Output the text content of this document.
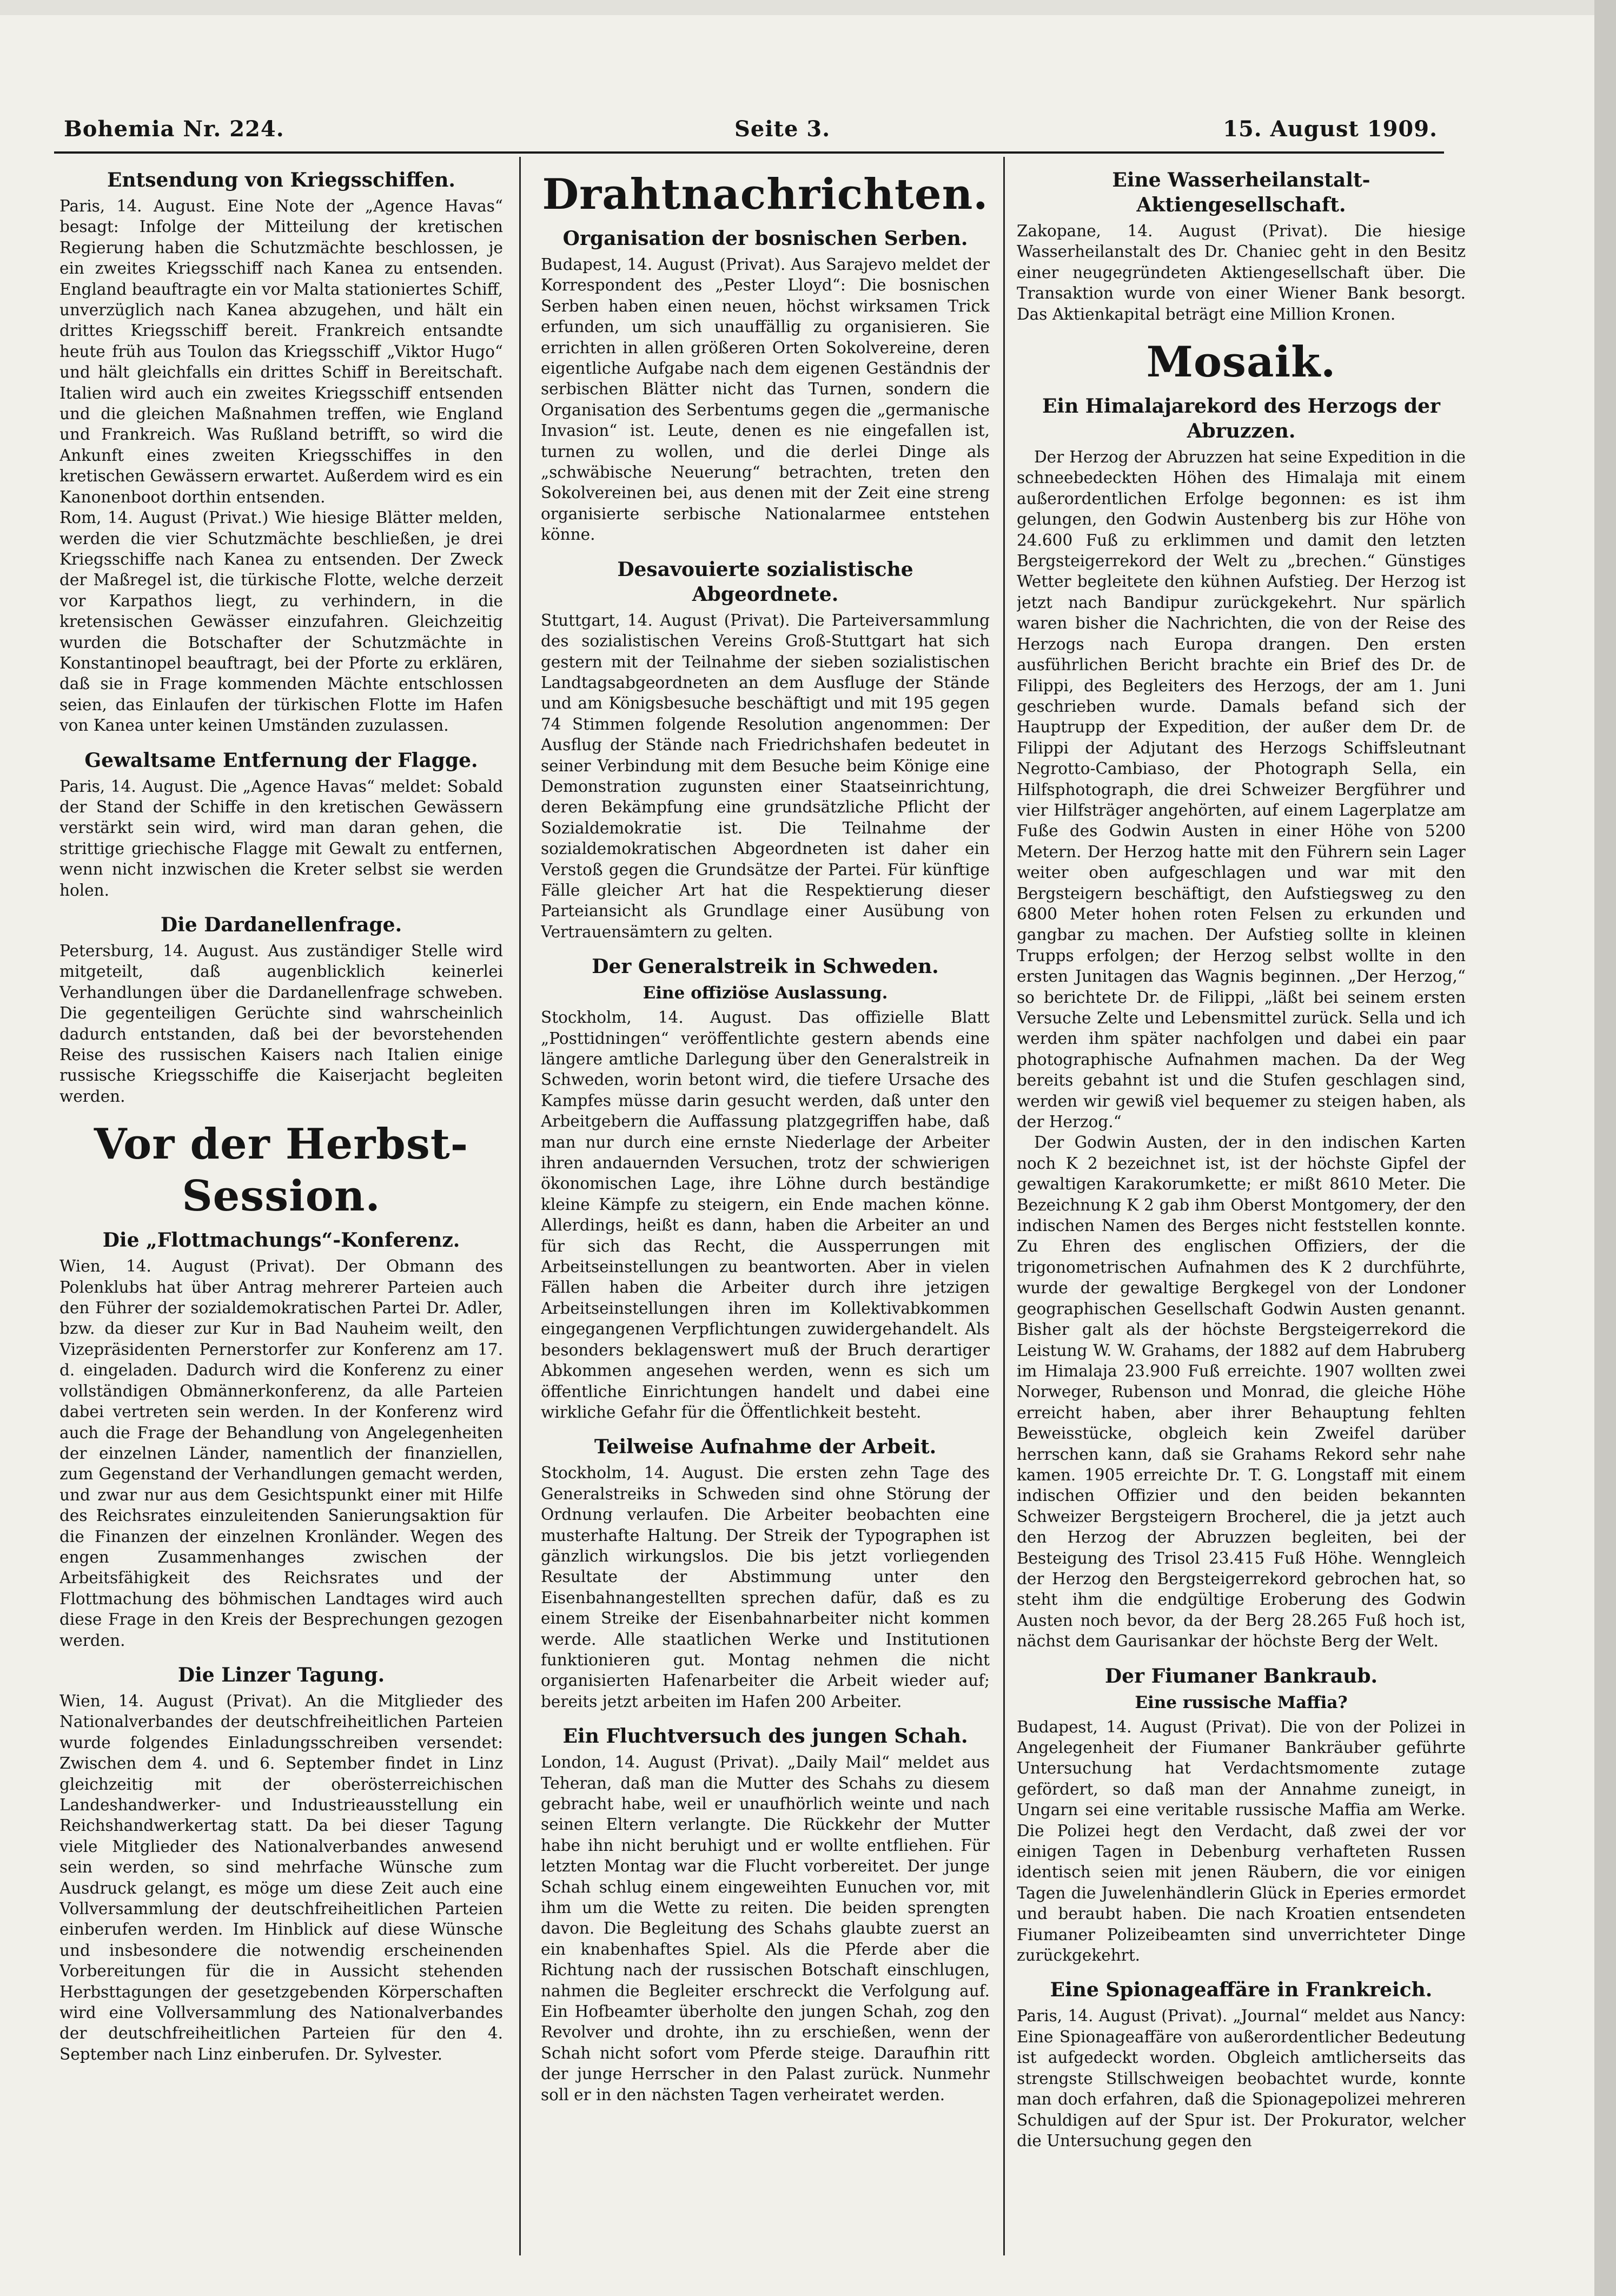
Bohemia Nr. 224.	Seite 3.	15. August 1909.
Entsendung von Kriegsschiffen.

Paris, 14. August. Eine Note der „Agence Havas“ besagt: Infolge der Mitteilung der kretischen Regierung haben die Schutzmächte beschlossen, je ein zweites Kriegsschiff nach Kanea zu entsenden. England beauftragte ein vor Malta stationiertes Schiff, unverzüglich nach Kanea abzugehen, und hält ein drittes Kriegsschiff bereit. Frankreich entsandte heute früh aus Toulon das Kriegsschiff „Viktor Hugo“ und hält gleichfalls ein drittes Schiff in Bereitschaft. Italien wird auch ein zweites Kriegsschiff entsenden und die gleichen Maßnahmen treffen, wie England und Frankreich. Was Rußland betrifft, so wird die Ankunft eines zweiten Kriegsschiffes in den kretischen Gewässern erwartet. Außerdem wird es ein Kanonenboot dorthin entsenden.

Rom, 14. August (Privat.) Wie hiesige Blätter melden, werden die vier Schutzmächte beschließen, je drei Kriegsschiffe nach Kanea zu entsenden. Der Zweck der Maßregel ist, die türkische Flotte, welche derzeit vor Karpathos liegt, zu verhindern, in die kretensischen Gewässer einzufahren. Gleichzeitig wurden die Botschafter der Schutzmächte in Konstantinopel beauftragt, bei der Pforte zu erklären, daß sie in Frage kommenden Mächte entschlossen seien, das Einlaufen der türkischen Flotte im Hafen von Kanea unter keinen Umständen zuzulassen.

Gewaltsame Entfernung der Flagge.

Paris, 14. August. Die „Agence Havas“ meldet: Sobald der Stand der Schiffe in den kretischen Gewässern verstärkt sein wird, wird man daran gehen, die strittige griechische Flagge mit Gewalt zu entfernen, wenn nicht inzwischen die Kreter selbst sie werden holen.

Die Dardanellenfrage.

Petersburg, 14. August. Aus zuständiger Stelle wird mitgeteilt, daß augenblicklich keinerlei Verhandlungen über die Dardanellenfrage schweben. Die gegenteiligen Gerüchte sind wahrscheinlich dadurch entstanden, daß bei der bevorstehenden Reise des russischen Kaisers nach Italien einige russische Kriegsschiffe die Kaiserjacht begleiten werden.

Vor der Herbst-Session.
Die „Flottmachungs“-Konferenz.

Wien, 14. August (Privat). Der Obmann des Polenklubs hat über Antrag mehrerer Parteien auch den Führer der sozialdemokratischen Partei Dr. Adler, bzw. da dieser zur Kur in Bad Nauheim weilt, den Vizepräsidenten Pernerstorfer zur Konferenz am 17. d. eingeladen. Dadurch wird die Konferenz zu einer vollständigen Obmännerkonferenz, da alle Parteien dabei vertreten sein werden. In der Konferenz wird auch die Frage der Behandlung von Angelegenheiten der einzelnen Länder, namentlich der finanziellen, zum Gegenstand der Verhandlungen gemacht werden, und zwar nur aus dem Gesichtspunkt einer mit Hilfe des Reichsrates einzuleitenden Sanierungsaktion für die Finanzen der einzelnen Kronländer. Wegen des engen Zusammenhanges zwischen der Arbeitsfähigkeit des Reichsrates und der Flottmachung des böhmischen Landtages wird auch diese Frage in den Kreis der Besprechungen gezogen werden.

Die Linzer Tagung.

Wien, 14. August (Privat). An die Mitglieder des Nationalverbandes der deutschfreiheitlichen Parteien wurde folgendes Einladungsschreiben versendet: Zwischen dem 4. und 6. September findet in Linz gleichzeitig mit der oberösterreichischen Landeshandwerker- und Industrieausstellung ein Reichshandwerkertag statt. Da bei dieser Tagung viele Mitglieder des Nationalverbandes anwesend sein werden, so sind mehrfache Wünsche zum Ausdruck gelangt, es möge um diese Zeit auch eine Vollversammlung der deutschfreiheitlichen Parteien einberufen werden. Im Hinblick auf diese Wünsche und insbesondere die notwendig erscheinenden Vorbereitungen für die in Aussicht stehenden Herbsttagungen der gesetzgebenden Körperschaften wird eine Vollversammlung des Nationalverbandes der deutschfreiheitlichen Parteien für den 4. September nach Linz einberufen. Dr. Sylvester.

Drahtnachrichten.
Organisation der bosnischen Serben.

Budapest, 14. August (Privat). Aus Sarajevo meldet der Korrespondent des „Pester Lloyd“: Die bosnischen Serben haben einen neuen, höchst wirksamen Trick erfunden, um sich unauffällig zu organisieren. Sie errichten in allen größeren Orten Sokolvereine, deren eigentliche Aufgabe nach dem eigenen Geständnis der serbischen Blätter nicht das Turnen, sondern die Organisation des Serbentums gegen die „germanische Invasion“ ist. Leute, denen es nie eingefallen ist, turnen zu wollen, und die derlei Dinge als „schwäbische Neuerung“ betrachten, treten den Sokolvereinen bei, aus denen mit der Zeit eine streng organisierte serbische Nationalarmee entstehen könne.

Desavouierte sozialistische Abgeordnete.

Stuttgart, 14. August (Privat). Die Parteiversammlung des sozialistischen Vereins Groß-Stuttgart hat sich gestern mit der Teilnahme der sieben sozialistischen Landtagsabgeordneten an dem Ausfluge der Stände und am Königsbesuche beschäftigt und mit 195 gegen 74 Stimmen folgende Resolution angenommen: Der Ausflug der Stände nach Friedrichshafen bedeutet in seiner Verbindung mit dem Besuche beim Könige eine Demonstration zugunsten einer Staatseinrichtung, deren Bekämpfung eine grundsätzliche Pflicht der Sozialdemokratie ist. Die Teilnahme der sozialdemokratischen Abgeordneten ist daher ein Verstoß gegen die Grundsätze der Partei. Für künftige Fälle gleicher Art hat die Respektierung dieser Parteiansicht als Grundlage einer Ausübung von Vertrauensämtern zu gelten.

Der Generalstreik in Schweden.
Eine offiziöse Auslassung.

Stockholm, 14. August. Das offizielle Blatt „Posttidningen“ veröffentlichte gestern abends eine längere amtliche Darlegung über den Generalstreik in Schweden, worin betont wird, die tiefere Ursache des Kampfes müsse darin gesucht werden, daß unter den Arbeitgebern die Auffassung platzgegriffen habe, daß man nur durch eine ernste Niederlage der Arbeiter ihren andauernden Versuchen, trotz der schwierigen ökonomischen Lage, ihre Löhne durch beständige kleine Kämpfe zu steigern, ein Ende machen könne. Allerdings, heißt es dann, haben die Arbeiter an und für sich das Recht, die Aussperrungen mit Arbeitseinstellungen zu beantworten. Aber in vielen Fällen haben die Arbeiter durch ihre jetzigen Arbeitseinstellungen ihren im Kollektivabkommen eingegangenen Verpflichtungen zuwidergehandelt. Als besonders beklagenswert muß der Bruch derartiger Abkommen angesehen werden, wenn es sich um öffentliche Einrichtungen handelt und dabei eine wirkliche Gefahr für die Öffentlichkeit besteht.

Teilweise Aufnahme der Arbeit.

Stockholm, 14. August. Die ersten zehn Tage des Generalstreiks in Schweden sind ohne Störung der Ordnung verlaufen. Die Arbeiter beobachten eine musterhafte Haltung. Der Streik der Typographen ist gänzlich wirkungslos. Die bis jetzt vorliegenden Resultate der Abstimmung unter den Eisenbahnangestellten sprechen dafür, daß es zu einem Streike der Eisenbahnarbeiter nicht kommen werde. Alle staatlichen Werke und Institutionen funktionieren gut. Montag nehmen die nicht organisierten Hafenarbeiter die Arbeit wieder auf; bereits jetzt arbeiten im Hafen 200 Arbeiter.

Ein Fluchtversuch des jungen Schah.

London, 14. August (Privat). „Daily Mail“ meldet aus Teheran, daß man die Mutter des Schahs zu diesem gebracht habe, weil er unaufhörlich weinte und nach seinen Eltern verlangte. Die Rückkehr der Mutter habe ihn nicht beruhigt und er wollte entfliehen. Für letzten Montag war die Flucht vorbereitet. Der junge Schah schlug einem eingeweihten Eunuchen vor, mit ihm um die Wette zu reiten. Die beiden sprengten davon. Die Begleitung des Schahs glaubte zuerst an ein knabenhaftes Spiel. Als die Pferde aber die Richtung nach der russischen Botschaft einschlugen, nahmen die Begleiter erschreckt die Verfolgung auf. Ein Hofbeamter überholte den jungen Schah, zog den Revolver und drohte, ihn zu erschießen, wenn der Schah nicht sofort vom Pferde steige. Daraufhin ritt der junge Herrscher in den Palast zurück. Nunmehr soll er in den nächsten Tagen verheiratet werden.

Eine Wasserheilanstalt-Aktiengesellschaft.

Zakopane, 14. August (Privat). Die hiesige Wasserheilanstalt des Dr. Chaniec geht in den Besitz einer neugegründeten Aktiengesellschaft über. Die Transaktion wurde von einer Wiener Bank besorgt. Das Aktienkapital beträgt eine Million Kronen.

Mosaik.
Ein Himalajarekord des Herzogs der Abruzzen.

Der Herzog der Abruzzen hat seine Expedition in die schneebedeckten Höhen des Himalaja mit einem außerordentlichen Erfolge begonnen: es ist ihm gelungen, den Godwin Austenberg bis zur Höhe von 24.600 Fuß zu erklimmen und damit den letzten Bergsteigerrekord der Welt zu „brechen.“ Günstiges Wetter begleitete den kühnen Aufstieg. Der Herzog ist jetzt nach Bandipur zurückgekehrt. Nur spärlich waren bisher die Nachrichten, die von der Reise des Herzogs nach Europa drangen. Den ersten ausführlichen Bericht brachte ein Brief des Dr. de Filippi, des Begleiters des Herzogs, der am 1. Juni geschrieben wurde. Damals befand sich der Hauptrupp der Expedition, der außer dem Dr. de Filippi der Adjutant des Herzogs Schiffsleutnant Negrotto-Cambiaso, der Photograph Sella, ein Hilfsphotograph, die drei Schweizer Bergführer und vier Hilfsträger angehörten, auf einem Lagerplatze am Fuße des Godwin Austen in einer Höhe von 5200 Metern. Der Herzog hatte mit den Führern sein Lager weiter oben aufgeschlagen und war mit den Bergsteigern beschäftigt, den Aufstiegsweg zu den 6800 Meter hohen roten Felsen zu erkunden und gangbar zu machen. Der Aufstieg sollte in kleinen Trupps erfolgen; der Herzog selbst wollte in den ersten Junitagen das Wagnis beginnen. „Der Herzog,“ so berichtete Dr. de Filippi, „läßt bei seinem ersten Versuche Zelte und Lebensmittel zurück. Sella und ich werden ihm später nachfolgen und dabei ein paar photographische Aufnahmen machen. Da der Weg bereits gebahnt ist und die Stufen geschlagen sind, werden wir gewiß viel bequemer zu steigen haben, als der Herzog.“

Der Godwin Austen, der in den indischen Karten noch K 2 bezeichnet ist, ist der höchste Gipfel der gewaltigen Karakorumkette; er mißt 8610 Meter. Die Bezeichnung K 2 gab ihm Oberst Montgomery, der den indischen Namen des Berges nicht feststellen konnte. Zu Ehren des englischen Offiziers, der die trigonometrischen Aufnahmen des K 2 durchführte, wurde der gewaltige Bergkegel von der Londoner geographischen Gesellschaft Godwin Austen genannt. Bisher galt als der höchste Bergsteigerrekord die Leistung W. W. Grahams, der 1882 auf dem Habruberg im Himalaja 23.900 Fuß erreichte. 1907 wollten zwei Norweger, Rubenson und Monrad, die gleiche Höhe erreicht haben, aber ihrer Behauptung fehlten Beweisstücke, obgleich kein Zweifel darüber herrschen kann, daß sie Grahams Rekord sehr nahe kamen. 1905 erreichte Dr. T. G. Longstaff mit einem indischen Offizier und den beiden bekannten Schweizer Bergsteigern Brocherel, die ja jetzt auch den Herzog der Abruzzen begleiten, bei der Besteigung des Trisol 23.415 Fuß Höhe. Wenngleich der Herzog den Bergsteigerrekord gebrochen hat, so steht ihm die endgültige Eroberung des Godwin Austen noch bevor, da der Berg 28.265 Fuß hoch ist, nächst dem Gaurisankar der höchste Berg der Welt.

Der Fiumaner Bankraub.
Eine russische Maffia?

Budapest, 14. August (Privat). Die von der Polizei in Angelegenheit der Fiumaner Bankräuber geführte Untersuchung hat Verdachtsmomente zutage gefördert, so daß man der Annahme zuneigt, in Ungarn sei eine veritable russische Maffia am Werke. Die Polizei hegt den Verdacht, daß zwei der vor einigen Tagen in Debenburg verhafteten Russen identisch seien mit jenen Räubern, die vor einigen Tagen die Juwelenhändlerin Glück in Eperies ermordet und beraubt haben. Die nach Kroatien entsendeten Fiumaner Polizeibeamten sind unverrichteter Dinge zurückgekehrt.

Eine Spionageaffäre in Frankreich.

Paris, 14. August (Privat). „Journal“ meldet aus Nancy: Eine Spionageaffäre von außerordentlicher Bedeutung ist aufgedeckt worden. Obgleich amtlicherseits das strengste Stillschweigen beobachtet wurde, konnte man doch erfahren, daß die Spionagepolizei mehreren Schuldigen auf der Spur ist. Der Prokurator, welcher die Untersuchung gegen den
